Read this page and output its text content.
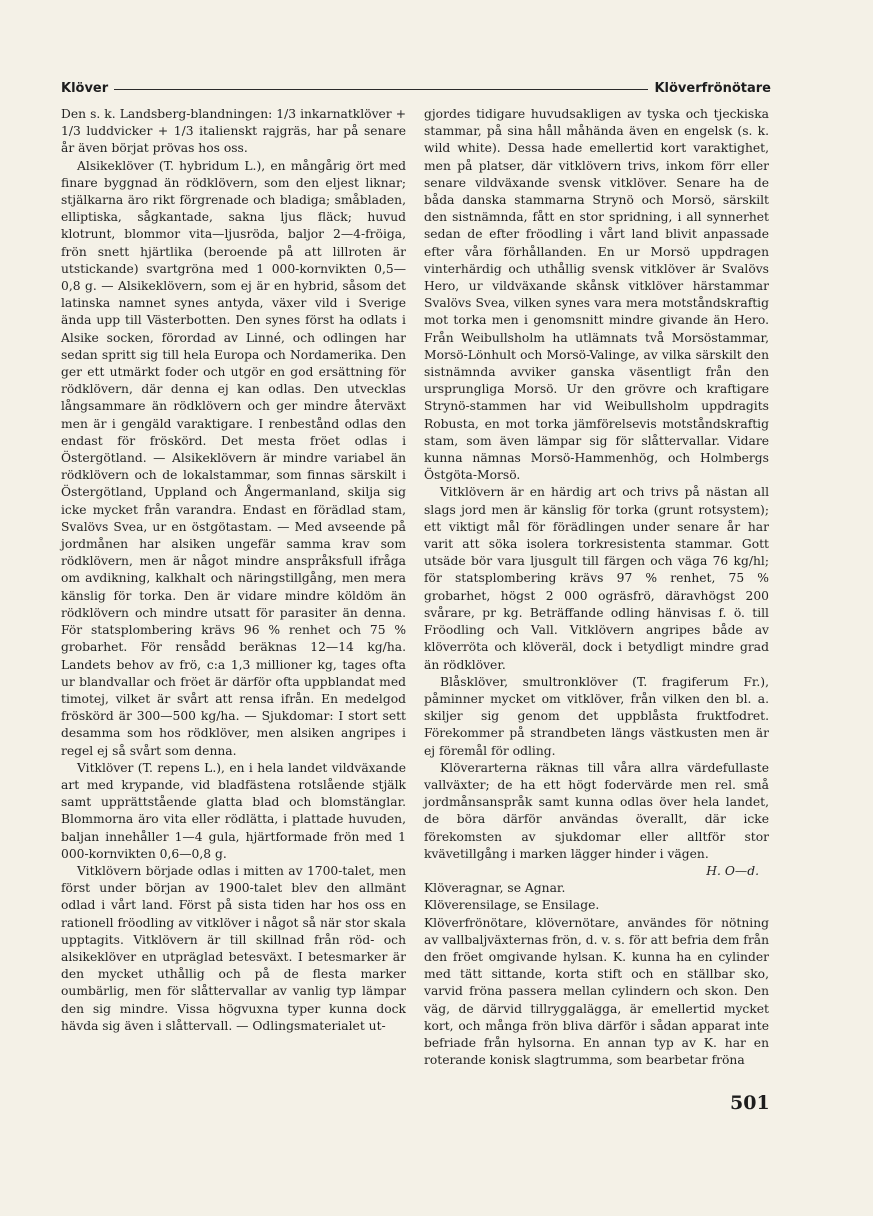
Klöver	Klöverfrönötare

Den s. k. Landsberg-blandningen: 1/3 inkarnatklöver + 1/3 luddvicker + 1/3 italienskt rajgräs, har på senare år även börjat prövas hos oss.

Alsikeklöver (T. hybridum L.), en mångårig ört med finare byggnad än rödklövern, som den eljest liknar; stjälkarna äro rikt förgrenade och bladiga; småbladen, elliptiska, sågkantade, sakna ljus fläck; huvud klotrunt, blommor vita—ljusröda, baljor 2—4-fröiga, frön snett hjärtlika (beroende på att lillroten är utstickande) svartgröna med 1 000-kornvikten 0,5—0,8 g. — Alsikeklövern, som ej är en hybrid, såsom det latinska namnet synes antyda, växer vild i Sverige ända upp till Västerbotten. Den synes först ha odlats i Alsike socken, förordad av Linné, och odlingen har sedan spritt sig till hela Europa och Nordamerika. Den ger ett utmärkt foder och utgör en god ersättning för rödklövern, där denna ej kan odlas. Den utvecklas långsammare än rödklövern och ger mindre återväxt men är i gengäld varaktigare. I renbestånd odlas den endast för fröskörd. Det mesta fröet odlas i Östergötland. — Alsikeklövern är mindre variabel än rödklövern och de lokalstammar, som finnas särskilt i Östergötland, Uppland och Ångermanland, skilja sig icke mycket från varandra. Endast en förädlad stam, Svalövs Svea, ur en östgötastam. — Med avseende på jordmånen har alsiken ungefär samma krav som rödklövern, men är något mindre anspråksfull ifråga om avdikning, kalkhalt och näringstillgång, men mera känslig för torka. Den är vidare mindre köldöm än rödklövern och mindre utsatt för parasiter än denna. För statsplombering krävs 96 % renhet och 75 % grobarhet. För rensådd beräknas 12—14 kg/ha. Landets behov av frö, c:a 1,3 millioner kg, tages ofta ur blandvallar och fröet är därför ofta uppblandat med timotej, vilket är svårt att rensa ifrån. En medelgod fröskörd är 300—500 kg/ha. — Sjukdomar: I stort sett desamma som hos rödklöver, men alsiken angripes i regel ej så svårt som denna.

Vitklöver (T. repens L.), en i hela landet vildväxande art med krypande, vid bladfästena rotslående stjälk samt upprättstående glatta blad och blomstänglar. Blommorna äro vita eller rödlätta, i plattade huvuden, baljan innehåller 1—4 gula, hjärtformade frön med 1 000-kornvikten 0,6—0,8 g.

Vitklövern började odlas i mitten av 1700-talet, men först under början av 1900-talet blev den allmänt odlad i vårt land. Först på sista tiden har hos oss en rationell fröodling av vitklöver i något så när stor skala upptagits. Vitklövern är till skillnad från röd- och alsikeklöver en utpräglad betesväxt. I betesmarker är den mycket uthållig och på de flesta marker oumbärlig, men för slåttervallar av vanlig typ lämpar den sig mindre. Vissa högvuxna typer kunna dock hävda sig även i slåttervall. — Odlingsmaterialet ut-

gjordes tidigare huvudsakligen av tyska och tjeckiska stammar, på sina håll måhända även en engelsk (s. k. wild white). Dessa hade emellertid kort varaktighet, men på platser, där vitklövern trivs, inkom förr eller senare vildväxande svensk vitklöver. Senare ha de båda danska stammarna Strynö och Morsö, särskilt den sistnämnda, fått en stor spridning, i all synnerhet sedan de efter fröodling i vårt land blivit anpassade efter våra förhållanden. En ur Morsö uppdragen vinterhärdig och uthållig svensk vitklöver är Svalövs Hero, ur vildväxande skånsk vitklöver härstammar Svalövs Svea, vilken synes vara mera motståndskraftig mot torka men i genomsnitt mindre givande än Hero. Från Weibullsholm ha utlämnats två Morsöstammar, Morsö-Lönhult och Morsö-Valinge, av vilka särskilt den sistnämnda avviker ganska väsentligt från den ursprungliga Morsö. Ur den grövre och kraftigare Strynö-stammen har vid Weibullsholm uppdragits Robusta, en mot torka jämförelsevis motståndskraftig stam, som även lämpar sig för slåttervallar. Vidare kunna nämnas Morsö-Hammenhög, och Holmbergs Östgöta-Morsö.

Vitklövern är en härdig art och trivs på nästan all slags jord men är känslig för torka (grunt rotsystem); ett viktigt mål för förädlingen under senare år har varit att söka isolera torkresistenta stammar. Gott utsäde bör vara ljusgult till färgen och väga 76 kg/hl; för statsplombering krävs 97 % renhet, 75 % grobarhet, högst 2 000 ogräsfrö, däravhögst 200 svårare, pr kg. Beträffande odling hänvisas f. ö. till Fröodling och Vall. Vitklövern angripes både av klöverröta och klöveräl, dock i betydligt mindre grad än rödklöver.

Blåsklöver, smultronklöver (T. fragiferum Fr.), påminner mycket om vitklöver, från vilken den bl. a. skiljer sig genom det uppblåsta fruktfodret. Förekommer på strandbeten längs västkusten men är ej föremål för odling.

Klöverarterna räknas till våra allra värdefullaste vallväxter; de ha ett högt fodervärde men rel. små jordmånsanspråk samt kunna odlas över hela landet, de böra därför användas överallt, där icke förekomsten av sjukdomar eller alltför stor kvävetillgång i marken lägger hinder i vägen.

H. O—d.

Klöveragnar, se Agnar.

Klöverensilage, se Ensilage.

Klöverfrönötare, klövernötare, användes för nötning av vallbaljväxternas frön, d. v. s. för att befria dem från den fröet omgivande hylsan. K. kunna ha en cylinder med tätt sittande, korta stift och en ställbar sko, varvid fröna passera mellan cylindern och skon. Den väg, de därvid tillryggalägga, är emellertid mycket kort, och många frön bliva därför i sådan apparat inte befriade från hylsorna. En annan typ av K. har en roterande konisk slagtrumma, som bearbetar fröna

501
